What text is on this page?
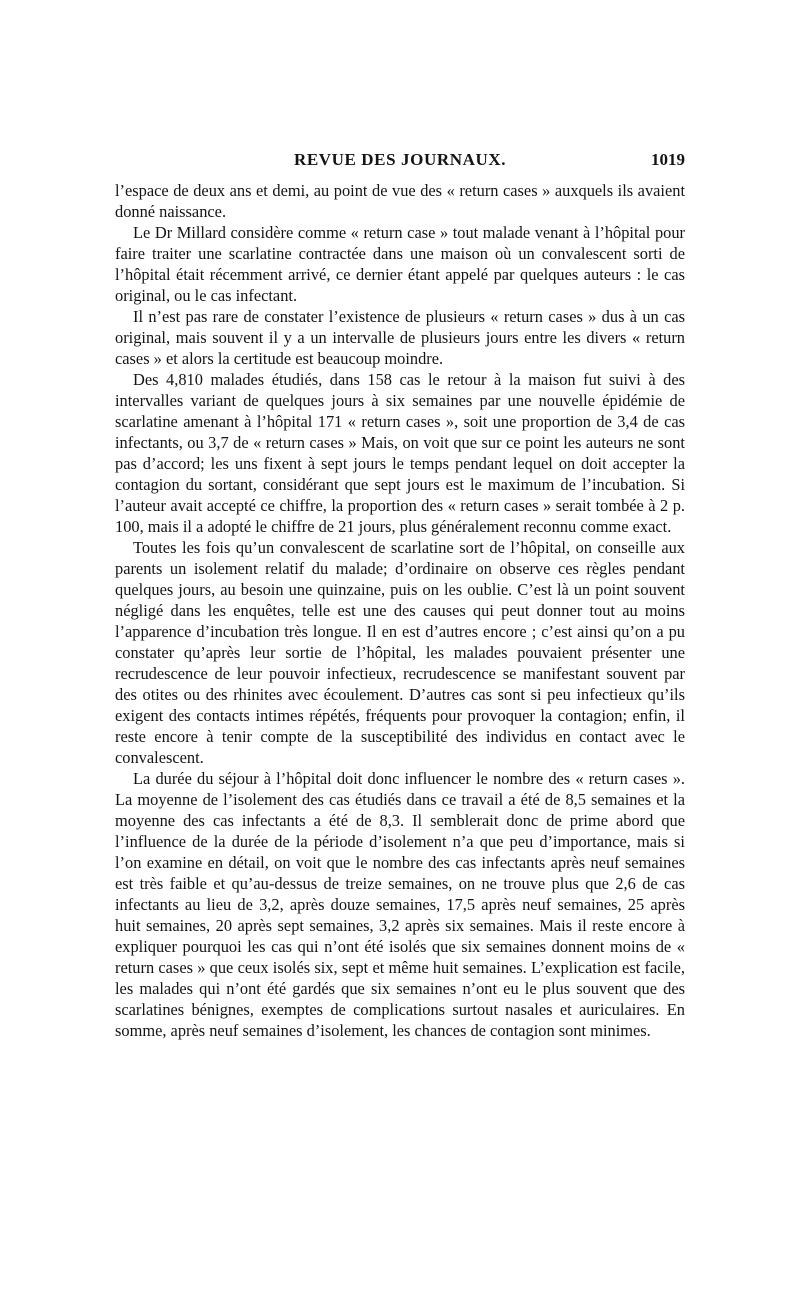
REVUE DES JOURNAUX.	1019

l’espace de deux ans et demi, au point de vue des « return cases » auxquels ils avaient donné naissance.

Le Dr Millard considère comme « return case » tout malade venant à l’hôpital pour faire traiter une scarlatine contractée dans une maison où un convalescent sorti de l’hôpital était récemment arrivé, ce dernier étant appelé par quelques auteurs : le cas original, ou le cas infectant.

Il n’est pas rare de constater l’existence de plusieurs « return cases » dus à un cas original, mais souvent il y a un intervalle de plusieurs jours entre les divers « return cases » et alors la certitude est beaucoup moindre.

Des 4,810 malades étudiés, dans 158 cas le retour à la maison fut suivi à des intervalles variant de quelques jours à six semaines par une nouvelle épidémie de scarlatine amenant à l’hôpital 171 « return cases », soit une proportion de 3,4 de cas infectants, ou 3,7 de « return cases » Mais, on voit que sur ce point les auteurs ne sont pas d’accord; les uns fixent à sept jours le temps pendant lequel on doit accepter la contagion du sortant, considérant que sept jours est le maximum de l’incubation. Si l’auteur avait accepté ce chiffre, la proportion des « return cases » serait tombée à 2 p. 100, mais il a adopté le chiffre de 21 jours, plus généralement reconnu comme exact.

Toutes les fois qu’un convalescent de scarlatine sort de l’hôpital, on conseille aux parents un isolement relatif du malade; d’ordinaire on observe ces règles pendant quelques jours, au besoin une quinzaine, puis on les oublie. C’est là un point souvent négligé dans les enquêtes, telle est une des causes qui peut donner tout au moins l’apparence d’incubation très longue. Il en est d’autres encore ; c’est ainsi qu’on a pu constater qu’après leur sortie de l’hôpital, les malades pouvaient présenter une recrudescence de leur pouvoir infectieux, recrudescence se manifestant souvent par des otites ou des rhinites avec écoulement. D’autres cas sont si peu infectieux qu’ils exigent des contacts intimes répétés, fréquents pour provoquer la contagion; enfin, il reste encore à tenir compte de la susceptibilité des individus en contact avec le convalescent.

La durée du séjour à l’hôpital doit donc influencer le nombre des « return cases ». La moyenne de l’isolement des cas étudiés dans ce travail a été de 8,5 semaines et la moyenne des cas infectants a été de 8,3. Il semblerait donc de prime abord que l’influence de la durée de la période d’isolement n’a que peu d’importance, mais si l’on examine en détail, on voit que le nombre des cas infectants après neuf semaines est très faible et qu’au-dessus de treize semaines, on ne trouve plus que 2,6 de cas infectants au lieu de 3,2, après douze semaines, 17,5 après neuf semaines, 25 après huit semaines, 20 après sept semaines, 3,2 après six semaines. Mais il reste encore à expliquer pourquoi les cas qui n’ont été isolés que six semaines donnent moins de « return cases » que ceux isolés six, sept et même huit semaines. L’explication est facile, les malades qui n’ont été gardés que six semaines n’ont eu le plus souvent que des scarlatines bénignes, exemptes de complications surtout nasales et auriculaires. En somme, après neuf semaines d’isolement, les chances de contagion sont minimes.
